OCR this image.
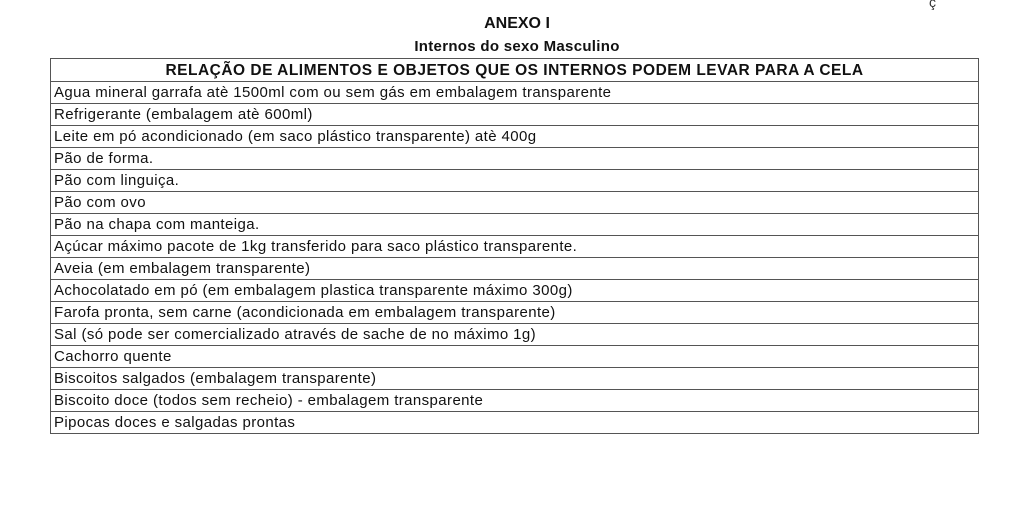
ç
ANEXO I
Internos do sexo Masculino
RELAÇÃO DE ALIMENTOS E OBJETOS QUE OS INTERNOS PODEM LEVAR PARA A CELA
Agua mineral garrafa atè 1500ml com ou sem gás em embalagem transparente
Refrigerante (embalagem atè 600ml)
Leite em pó acondicionado (em saco plástico transparente) atè 400g
Pão de forma.
Pão com linguiça.
Pão com ovo
Pão na chapa com manteiga.
Açúcar máximo pacote de 1kg transferido para saco plástico transparente.
Aveia (em embalagem transparente)
Achocolatado em pó (em embalagem plastica transparente máximo 300g)
Farofa pronta, sem carne (acondicionada em embalagem transparente)
Sal (só pode ser comercializado através de sache de no máximo 1g)
Cachorro quente
Biscoitos salgados (embalagem transparente)
Biscoito doce (todos sem recheio) - embalagem transparente
Pipocas doces e salgadas prontas
